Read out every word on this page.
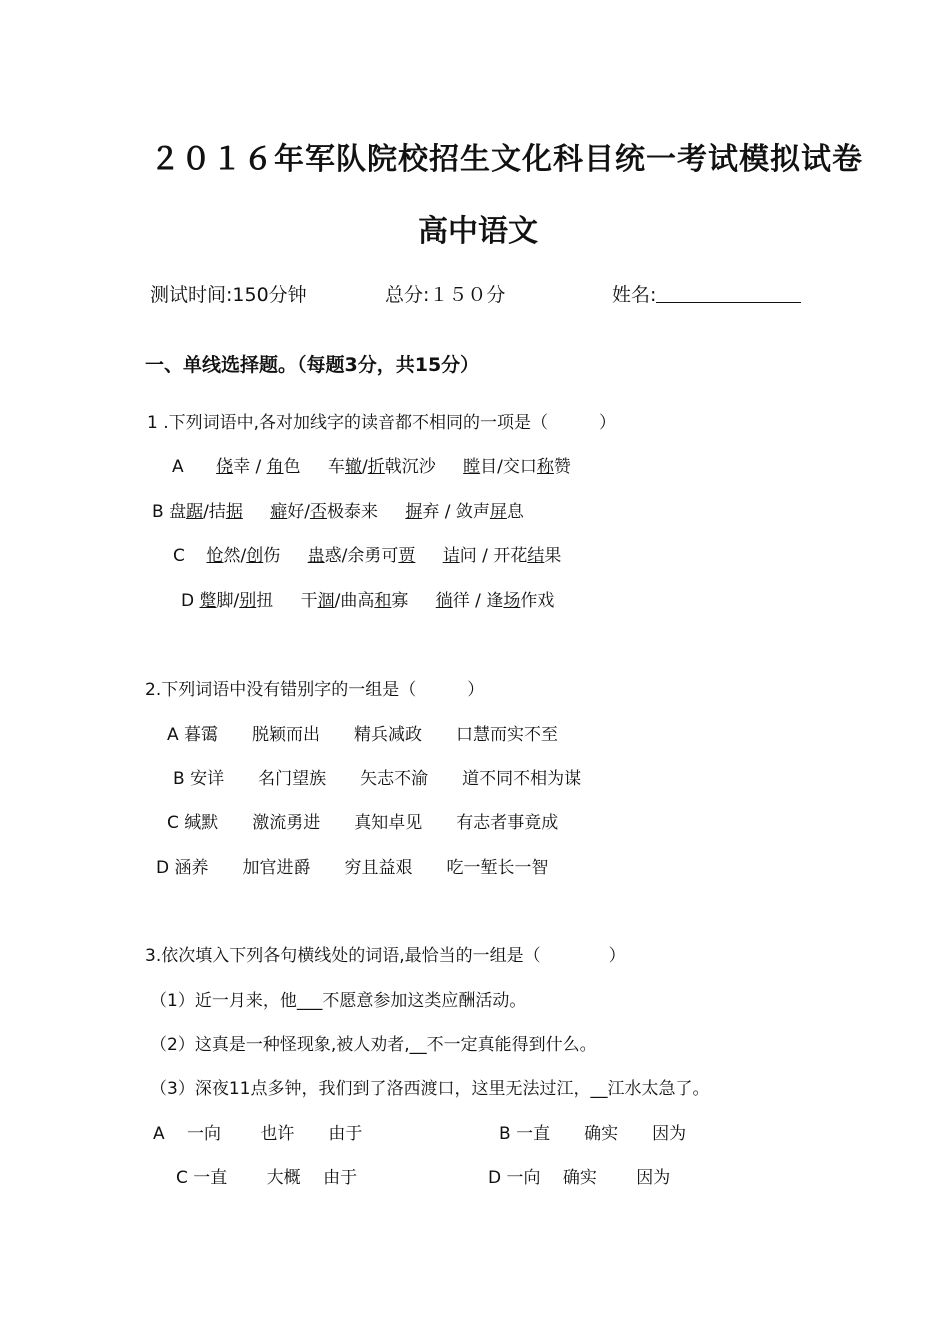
２０１６年军队院校招生文化科目统一考试模拟试卷
高中语文
测试时间:150分钟	总分:１５０分	姓名:
一、单线选择题。（每题3分，共15分）
1 .下列词语中,各对加线字的读音都不相同的一项是（　　　）
A 侥幸 / 角色 车辙/折戟沉沙 瞠目/交口称赞
B 盘踞/拮据 癖好/否极泰来 摒弃 / 敛声屏息
C 怆然/创伤 蛊惑/余勇可贾 诘问 / 开花结果
D 蹩脚/别扭 干涸/曲高和寡 徜徉 / 逢场作戏
2.下列词语中没有错别字的一组是（　　　）
A 暮霭　　脱颖而出　　精兵减政　　口慧而实不至
B 安详　　名门望族　　矢志不渝　　道不同不相为谋
C 缄默　　激流勇进　　真知卓见　　有志者事竟成
D 涵养　　加官进爵　　穷且益艰　　吃一堑长一智
3.依次填入下列各句横线处的词语,最恰当的一组是（　　　　）
（1）近一月来，他___不愿意参加这类应酬活动。
（2）这真是一种怪现象,被人劝者,__不一定真能得到什么。
（3）深夜11点多钟，我们到了洛西渡口，这里无法过江，__江水太急了。
A　 一向　　 也许　　由于	B 一直　　确实　　因为
C 一直　　 大概　 由于	D 一向　 确实　　 因为
